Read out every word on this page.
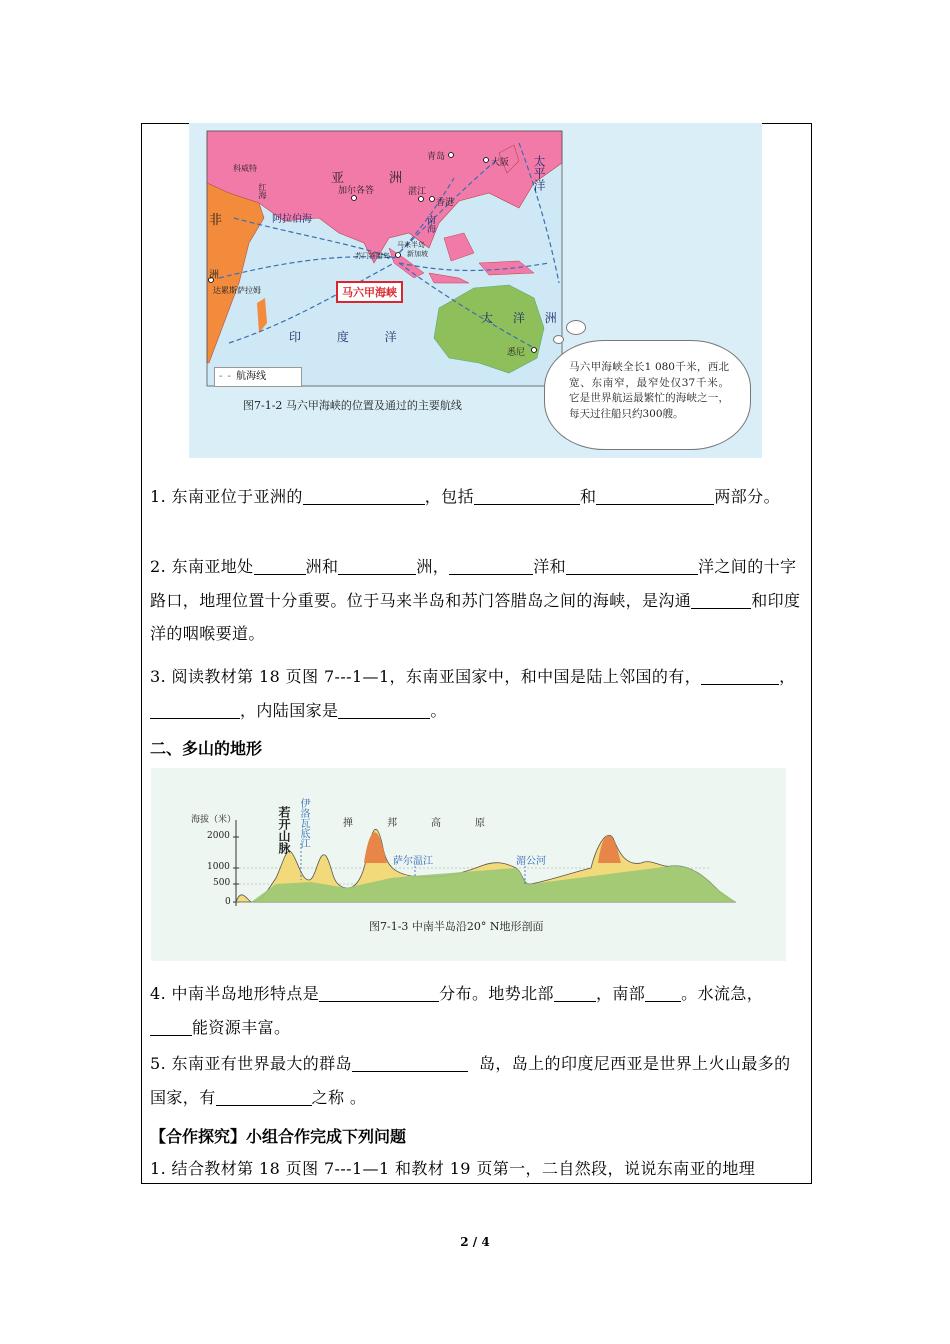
亚	洲
非
洲
青岛
大阪
加尔各答	湛江
香港
科威特
红海
阿拉伯海	南海
马来半岛
新加坡
苏门答腊岛
达累斯萨拉姆
悉尼
太平洋
印 度 洋
大 洋 洲
马六甲海峡
- - 航海线
图7-1-2 马六甲海峡的位置及通过的主要航线
马六甲海峡全长1 080千米，西北宽、东南窄，最窄处仅37千米。它是世界航运最繁忙的海峡之一，每天过往船只约300艘。
1. 东南亚位于亚洲的	，包括	和	两部分。
2. 东南亚地处	洲和	洲，	洋和	洋之间的十字路口，地理位置十分重要。位于马来半岛和苏门答腊岛之间的海峡，是沟通	和印度洋的咽喉要道。
3. 阅读教材第 18 页图 7---1—1，东南亚国家中，和中国是陆上邻国的有，	，，内陆国家是	。
二、多山的地形
海拔（米）
2000
1000
500
0
若开山脉 伊洛瓦底江	掸邦高原
萨尔温江	湄公河
图7-1-3 中南半岛沿20° N地形剖面
4. 中南半岛地形特点是	分布。地势北部	，南部 。水流急，能资源丰富。
5. 东南亚有世界最大的群岛	岛，岛上的印度尼西亚是世界上火山最多的国家，有	之称 。
【合作探究】小组合作完成下列问题
1. 结合教材第 18 页图 7---1—1 和教材 19 页第一，二自然段，说说东南亚的地理
2 / 4
